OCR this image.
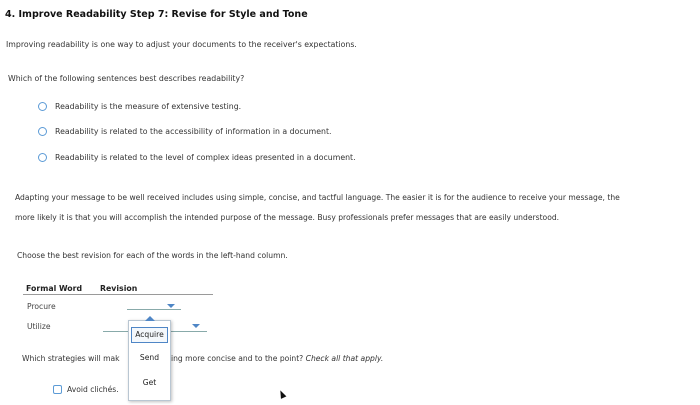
4. Improve Readability Step 7: Revise for Style and Tone
Improving readability is one way to adjust your documents to the receiver's expectations.
Which of the following sentences best describes readability?
Readability is the measure of extensive testing.
Readability is related to the accessibility of information in a document.
Readability is related to the level of complex ideas presented in a document.
Adapting your message to be well received includes using simple, concise, and tactful language. The easier it is for the audience to receive your message, the more likely it is that you will accomplish the intended purpose of the message. Busy professionals prefer messages that are easily understood.
Choose the best revision for each of the words in the left-hand column.
Formal Word Revision
Procure
Utilize
Which strategies will mak	ing more concise and to the point? Check all that apply.
Acquire
Send
Get
Avoid clichés.
